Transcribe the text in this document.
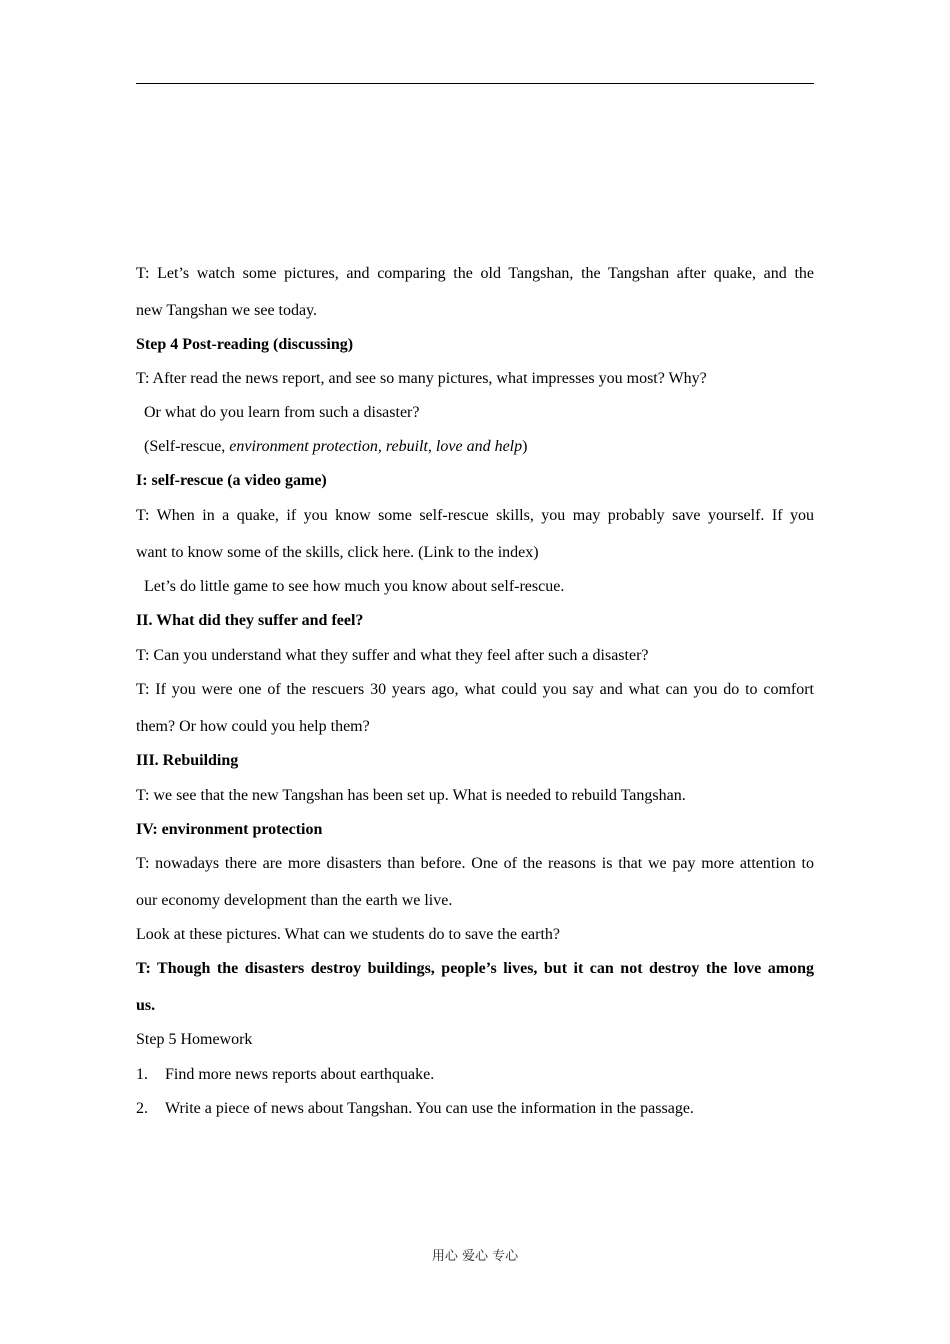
T: Let’s watch some pictures, and comparing the old Tangshan, the Tangshan after quake, and the
new Tangshan we see today.
Step 4 Post-reading (discussing)
T: After read the news report, and see so many pictures, what impresses you most? Why?
Or what do you learn from such a disaster?
(Self-rescue, environment protection, rebuilt, love and help)
I: self-rescue (a video game)
T: When in a quake, if you know some self-rescue skills, you may probably save yourself. If you
want to know some of the skills, click here. (Link to the index)
Let’s do little game to see how much you know about self-rescue.
II. What did they suffer and feel?
T: Can you understand what they suffer and what they feel after such a disaster?
T: If you were one of the rescuers 30 years ago, what could you say and what can you do to comfort
them? Or how could you help them?
III. Rebuilding
T: we see that the new Tangshan has been set up. What is needed to rebuild Tangshan.
IV: environment protection
T: nowadays there are more disasters than before. One of the reasons is that we pay more attention to
our economy development than the earth we live.
Look at these pictures. What can we students do to save the earth?
T: Though the disasters destroy buildings, people’s lives, but it can not destroy the love among
us.
Step 5 Homework
1. Find more news reports about earthquake.
2. Write a piece of news about Tangshan. You can use the information in the passage.
用心 爱心 专心
